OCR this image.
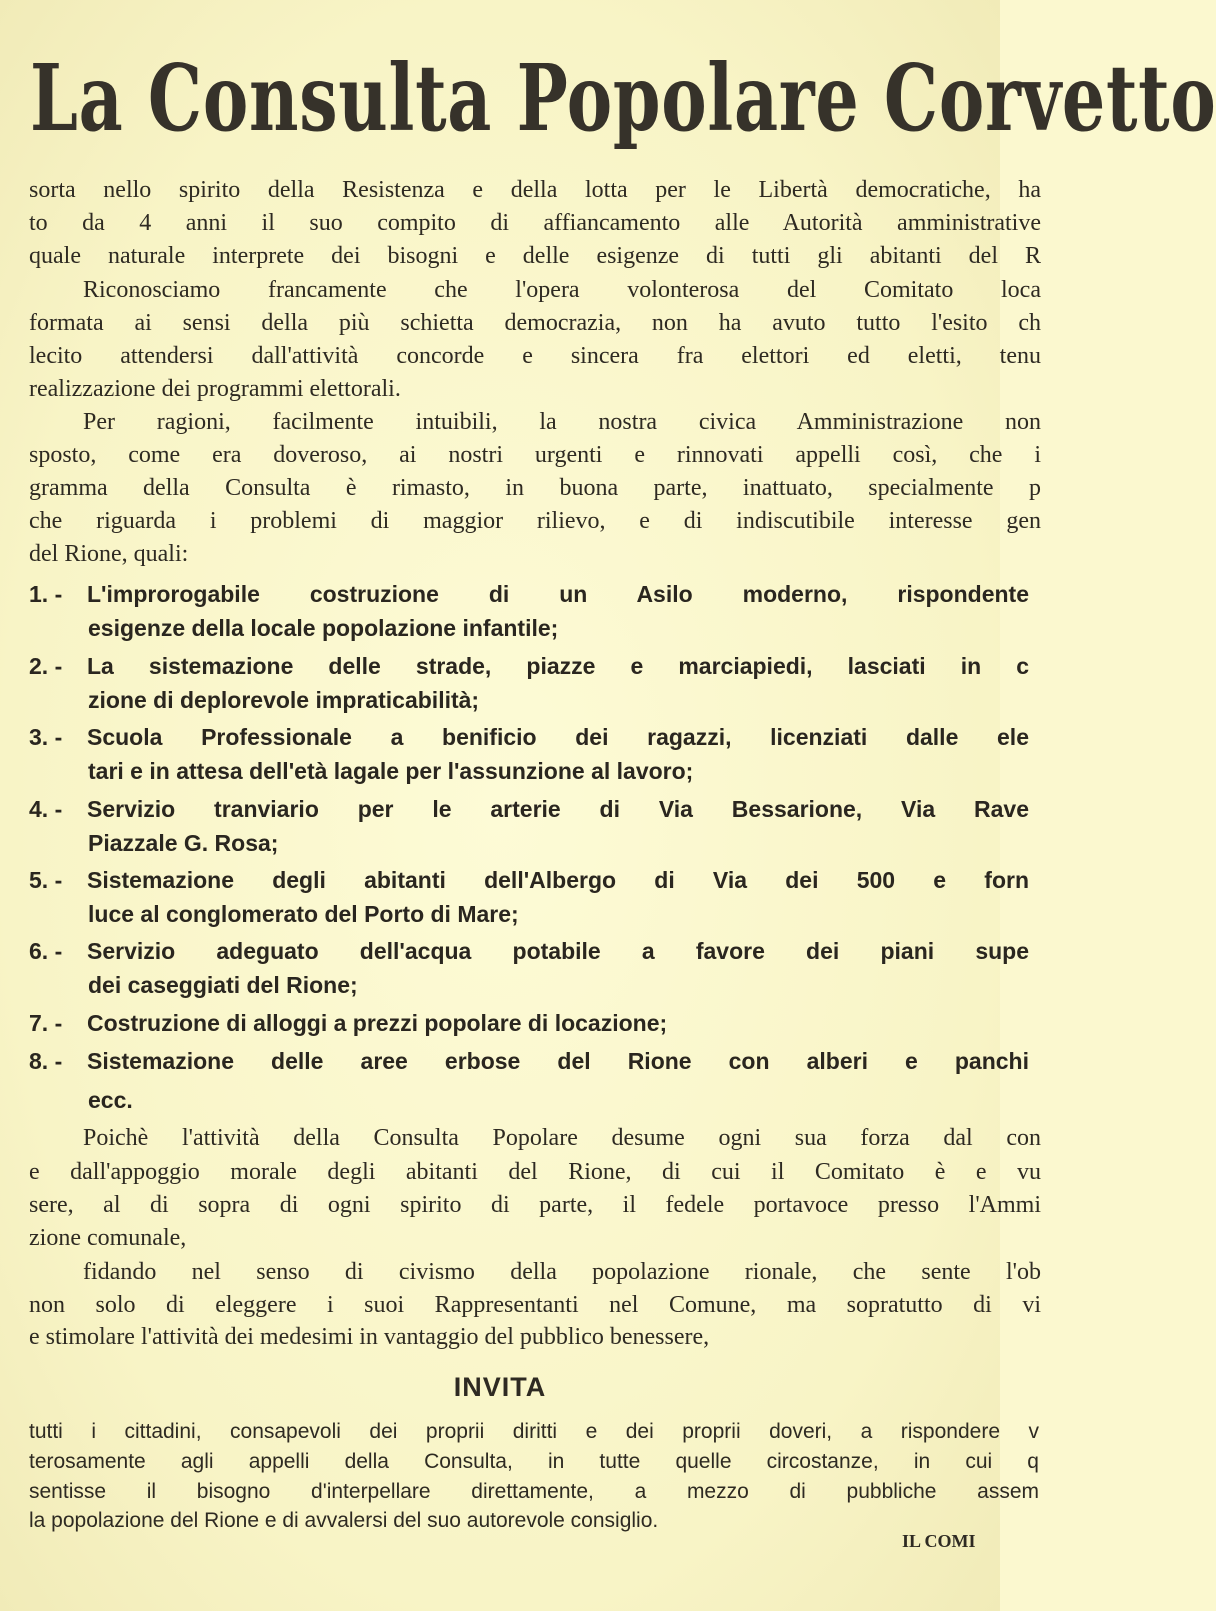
La Consulta Popolare Corvetto
sorta nello spirito della Resistenza e della lotta per le Libertà democratiche, ha
to da 4 anni il suo compito di affiancamento alle Autorità amministrative
quale naturale interprete dei bisogni e delle esigenze di tutti gli abitanti del R
Riconosciamo francamente che l'opera volonterosa del Comitato loca
formata ai sensi della più schietta democrazia, non ha avuto tutto l'esito ch
lecito attendersi dall'attività concorde e sincera fra elettori ed eletti, tenu
realizzazione dei programmi elettorali.
Per ragioni, facilmente intuibili, la nostra civica Amministrazione non
sposto, come era doveroso, ai nostri urgenti e rinnovati appelli così, che i
gramma della Consulta è rimasto, in buona parte, inattuato, specialmente p
che riguarda i problemi di maggior rilievo, e di indiscutibile interesse gen
del Rione, quali:
1. -	L'improrogabile costruzione di un Asilo moderno, rispondente
esigenze della locale popolazione infantile;
2. -	La sistemazione delle strade, piazze e marciapiedi, lasciati in c
zione di deplorevole impraticabilità;
3. -	Scuola Professionale a benificio dei ragazzi, licenziati dalle ele
tari e in attesa dell'età lagale per l'assunzione al lavoro;
4. -	Servizio tranviario per le arterie di Via Bessarione, Via Rave
Piazzale G. Rosa;
5. -	Sistemazione degli abitanti dell'Albergo di Via dei 500 e forn
luce al conglomerato del Porto di Mare;
6. -	Servizio adeguato dell'acqua potabile a favore dei piani supe
dei caseggiati del Rione;
7. - Costruzione di alloggi a prezzi popolare di locazione;
8. -	Sistemazione delle aree erbose del Rione con alberi e panchi
ecc.
Poichè l'attività della Consulta Popolare desume ogni sua forza dal con
e dall'appoggio morale degli abitanti del Rione, di cui il Comitato è e vu
sere, al di sopra di ogni spirito di parte, il fedele portavoce presso l'Ammi
zione comunale,
fidando nel senso di civismo della popolazione rionale, che sente l'ob
non solo di eleggere i suoi Rappresentanti nel Comune, ma sopratutto di vi
e stimolare l'attività dei medesimi in vantaggio del pubblico benessere,
INVITA
tutti i cittadini, consapevoli dei proprii diritti e dei proprii doveri, a rispondere v
terosamente agli appelli della Consulta, in tutte quelle circostanze, in cui q
sentisse il bisogno d'interpellare direttamente, a mezzo di pubbliche assem
la popolazione del Rione e di avvalersi del suo autorevole consiglio.
IL COMI
